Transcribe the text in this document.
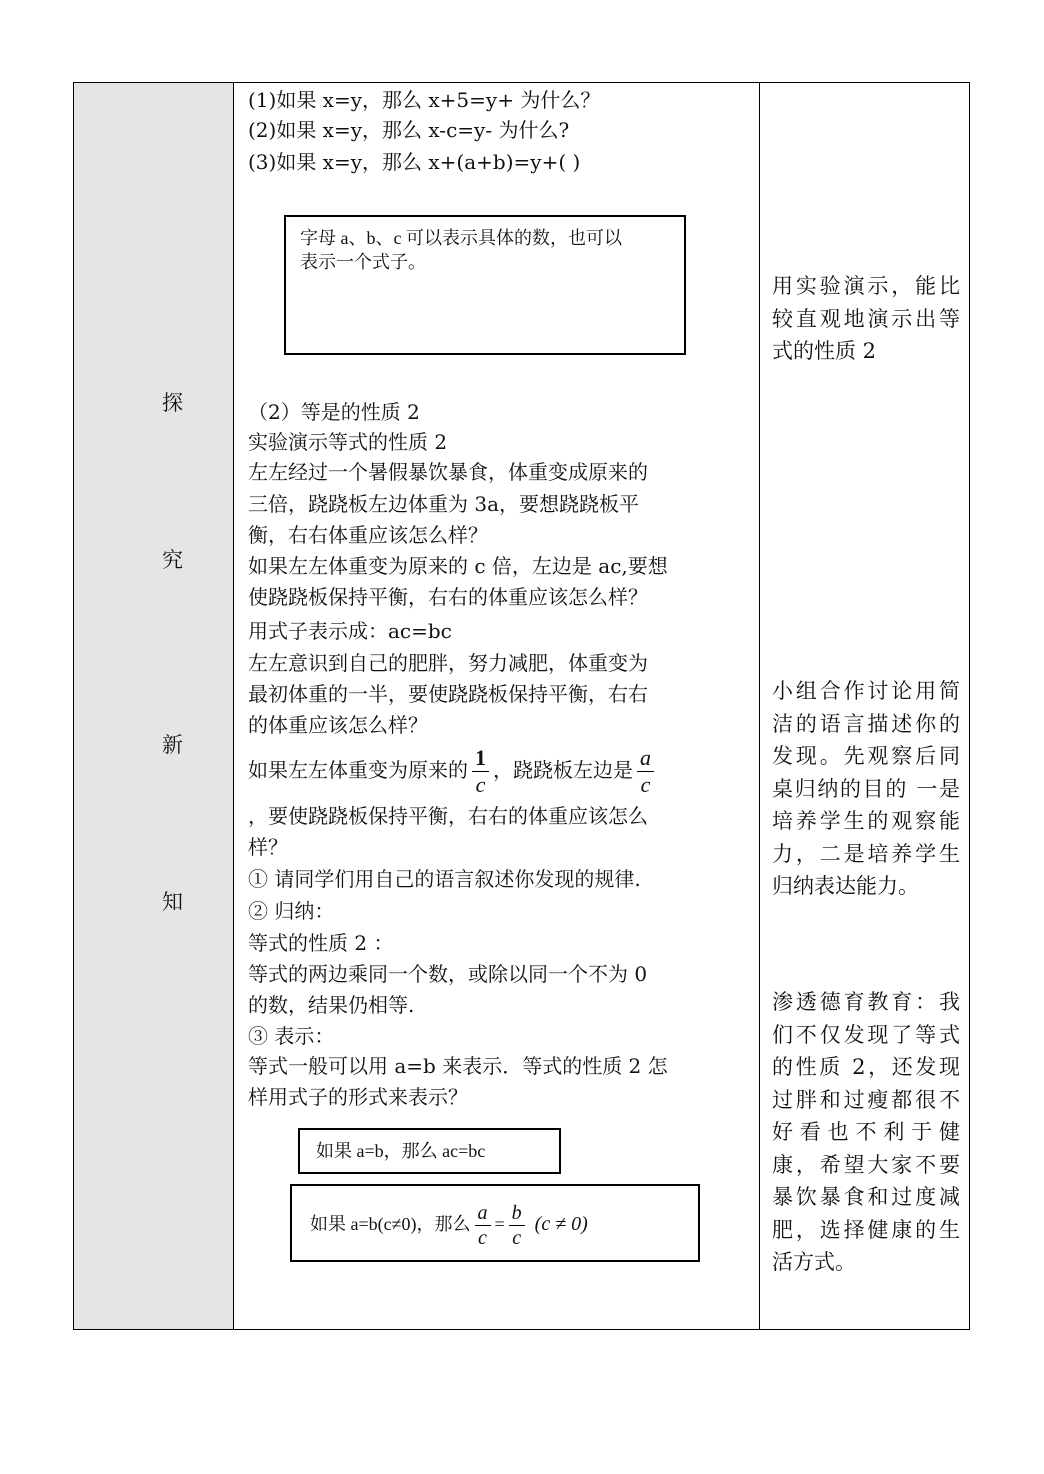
探
究
新
知
(1)如果 x=y，那么 x+5=y+ 为什么？
(2)如果 x=y，那么 x-c=y- 为什么?
(3)如果 x=y，那么 x+(a+b)=y+( )
字母 a、b、c 可以表示具体的数，也可以
表示一个式子。
（2）等是的性质 2
实验演示等式的性质 2
左左经过一个暑假暴饮暴食，体重变成原来的
三倍，跷跷板左边体重为 3a，要想跷跷板平
衡，右右体重应该怎么样？
如果左左体重变为原来的 c 倍，左边是 ac,要想
使跷跷板保持平衡，右右的体重应该怎么样？
用式子表示成：ac=bc
左左意识到自己的肥胖，努力减肥，体重变为
最初体重的一半，要使跷跷板保持平衡，右右
的体重应该怎么样？
如果左左体重变为原来的 $\frac{1}{c}$ ，跷跷板左边是 $\frac{a}{c}$
，要使跷跷板保持平衡，右右的体重应该怎么
样？
① 请同学们用自己的语言叙述你发现的规律.
② 归纳：
等式的性质 2 ：
等式的两边乘同一个数，或除以同一个不为 0
的数，结果仍相等.
③ 表示：
等式一般可以用 a=b 来表示．等式的性质 2 怎
样用式子的形式来表示？
如果 a=b，那么 ac=bc
如果 a=b(c≠0)，那么 $\frac{a}{c} = \frac{b}{c} (c \ne 0)$
用实验演示，能比较直观地演示出等式的性质 2
小组合作讨论用简洁的语言描述你的发现。先观察后同桌归纳的目的 一是培养学生的观察能力，二是培养学生归纳表达能力。
渗透德育教育：我们不仅发现了等式的性质 2，还发现过胖和过瘦都很不好看也不利于健康，希望大家不要暴饮暴食和过度减肥，选择健康的生活方式。
